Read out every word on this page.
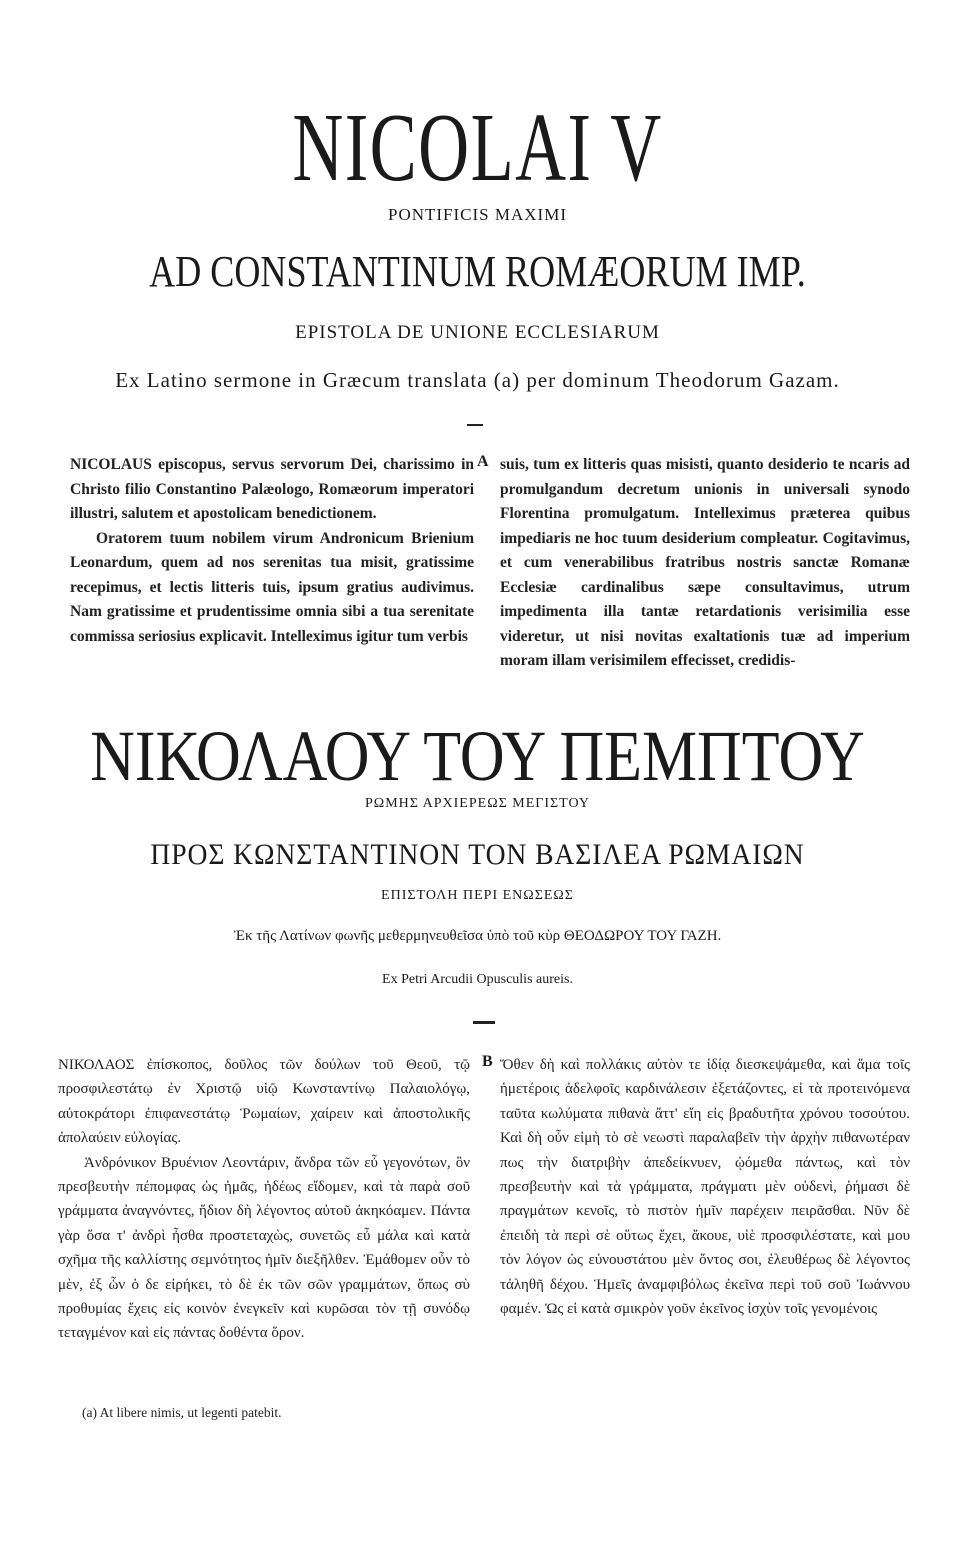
NICOLAI V
PONTIFICIS MAXIMI
AD CONSTANTINUM ROMÆORUM IMP.
EPISTOLA DE UNIONE ECCLESIARUM
Ex Latino sermone in Græcum translata (a) per dominum Theodorum Gazam.

NICOLAUS episcopus, servus servorum Dei, charissimo in Christo filio Constantino Palæologo, Romæorum imperatori illustri, salutem et apostolicam benedictionem.

Oratorem tuum nobilem virum Andronicum Brienium Leonardum, quem ad nos serenitas tua misit, gratissime recepimus, et lectis litteris tuis, ipsum gratius audivimus. Nam gratissime et prudentissime omnia sibi a tua serenitate commissa seriosius explicavit. Intelleximus igitur tum verbis

A suis, tum ex litteris quas misisti, quanto desiderio te ncaris ad promulgandum decretum unionis in universali synodo Florentina promulgatum. Intelleximus præterea quibus impediaris ne hoc tuum desiderium compleatur. Cogitavimus, et cum venerabilibus fratribus nostris sanctæ Romanæ Ecclesiæ cardinalibus sæpe consultavimus, utrum impedimenta illa tantæ retardationis verisimilia esse videretur, ut nisi novitas exaltationis tuæ ad imperium moram illam verisimilem effecisset, credidis-

ΝΙΚΟΛΑΟΥ ΤΟΥ ΠΕΜΠΤΟΥ
ΡΩΜΗΣ ΑΡΧΙΕΡΕΩΣ ΜΕΓΙΣΤΟΥ
ΠΡΟΣ ΚΩΝΣΤΑΝΤΙΝΟΝ ΤΟΝ ΒΑΣΙΛΕΑ ΡΩΜΑΙΩΝ
ΕΠΙΣΤΟΛΗ ΠΕΡΙ ΕΝΩΣΕΩΣ
Ἐκ τῆς Λατίνων φωνῆς μεθερμηνευθεῖσα ὑπὸ τοῦ κὺρ ΘΕΟΔΩΡΟΥ ΤΟΥ ΓΑΖΗ.
Ex Petri Arcudii Opusculis aureis.

ΝΙΚΟΛΑΟΣ ἐπίσκοπος, δοῦλος τῶν δούλων τοῦ Θεοῦ, τῷ προσφιλεστάτῳ ἐν Χριστῷ υἱῷ Κωνσταντίνῳ Παλαιολόγῳ, αὐτοκράτορι ἐπιφανεστάτῳ Ῥωμαίων, χαίρειν καὶ ἀποστολικῆς ἀπολαύειν εὐλογίας.

Ἀνδρόνικον Βρυένιον Λεοντάριν, ἄνδρα τῶν εὖ γεγονότων, ὃν πρεσβευτὴν πέπομφας ὡς ἡμᾶς, ἡδέως εἴδομεν, καὶ τὰ παρὰ σοῦ γράμματα ἀναγνόντες, ἥδιον δὴ λέγοντος αὐτοῦ ἀκηκόαμεν. Πάντα γὰρ ὅσα τ' ἀνδρὶ ἦσθα προστεταχὼς, συνετῶς εὖ μάλα καὶ κατὰ σχῆμα τῆς καλλίστης σεμνότητος ἡμῖν διεξῆλθεν. Ἐμάθομεν οὖν τὸ μὲν, ἐξ ὧν ὁ δε εἰρήκει, τὸ δὲ ἐκ τῶν σῶν γραμμάτων, ὅπως σὺ προθυμίας ἔχεις εἰς κοινὸν ἐνεγκεῖν καὶ κυρῶσαι τὸν τῇ συνόδῳ τεταγμένον καὶ εἰς πάντας δοθέντα ὅρον.

B Ὅθεν δὴ καὶ πολλάκις αὐτὸν τε ἰδίᾳ διεσκεψάμεθα, καὶ ἅμα τοῖς ἡμετέροις ἀδελφοῖς καρδινάλεσιν ἐξετάζοντες, εἰ τὰ προτεινόμενα ταῦτα κωλύματα πιθανὰ ἄττ' εἴη εἰς βραδυτῆτα χρόνου τοσούτου. Καὶ δὴ οὖν εἰμὴ τὸ σὲ νεωστὶ παραλαβεῖν τὴν ἀρχὴν πιθανωτέραν πως τὴν διατριβὴν ἀπεδείκνυεν, ᾠόμεθα πάντως, καὶ τὸν πρεσβευτὴν καὶ τὰ γράμματα, πράγματι μὲν οὐδενὶ, ῥήμασι δὲ πραγμάτων κενοῖς, τὸ πιστὸν ἡμῖν παρέχειν πειρᾶσθαι. Νῦν δὲ ἐπειδὴ τὰ περὶ σὲ οὕτως ἔχει, ἄκουε, υἱὲ προσφιλέστατε, καὶ μου τὸν λόγον ὡς εὐνουστάτου μὲν ὄντος σοι, ἐλευθέρως δὲ λέγοντος τἀληθῆ δέχου. Ἡμεῖς ἀναμφιβόλως ἐκεῖνα περὶ τοῦ σοῦ Ἰωάννου φαμέν. Ὡς εἰ κατὰ σμικρὸν γοῦν ἐκεῖνος ἰσχὺν τοῖς γενομένοις

(a) At libere nimis, ut legenti patebit.
